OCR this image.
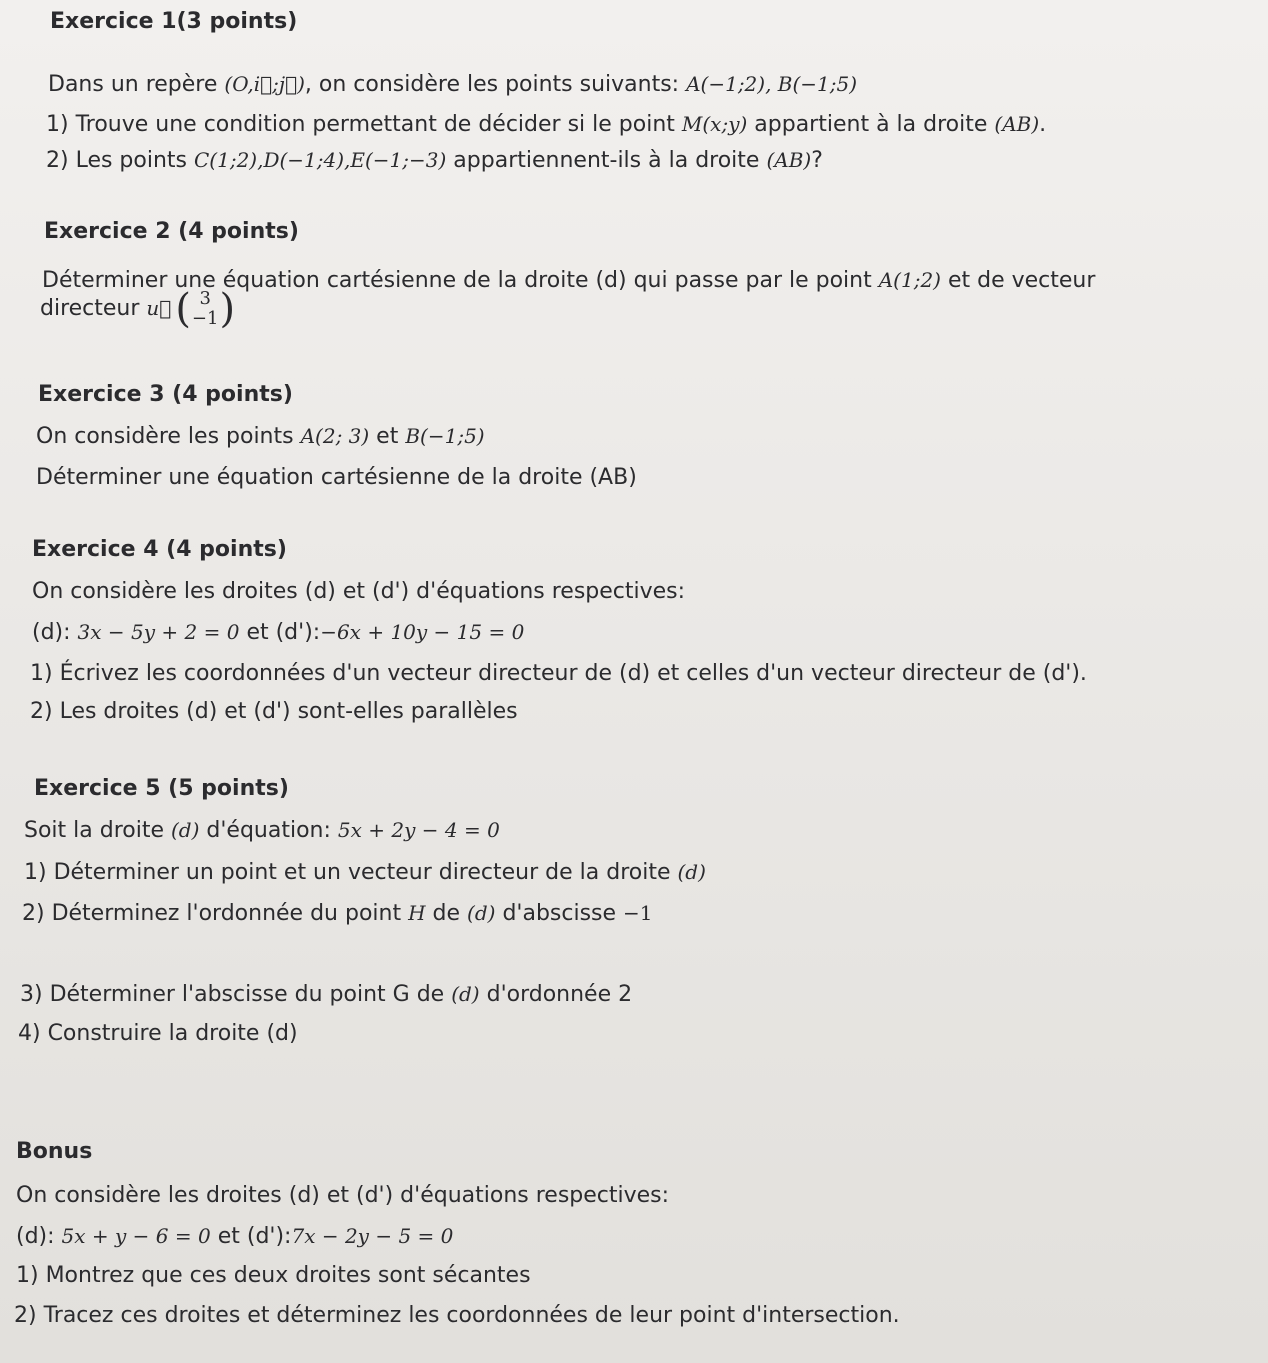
Exercice 1(3 points)
Dans un repère (O,i⃗;j⃗), on considère les points suivants: A(−1;2), B(−1;5)
1) Trouve une condition permettant de décider si le point M(x;y) appartient à la droite (AB).
2) Les points C(1;2),D(−1;4),E(−1;−3) appartiennent-ils à la droite (AB)?
Exercice 2 (4 points)
Déterminer une équation cartésienne de la droite (d) qui passe par le point A(1;2) et de vecteur
directeur u⃗ ( 3
−1 )
Exercice 3 (4 points)
On considère les points A(2; 3) et B(−1;5)
Déterminer une équation cartésienne de la droite (AB)
Exercice 4 (4 points)
On considère les droites (d) et (d') d'équations respectives:
(d): 3x − 5y + 2 = 0 et (d'):−6x + 10y − 15 = 0
1) Écrivez les coordonnées d'un vecteur directeur de (d) et celles d'un vecteur directeur de (d').
2) Les droites (d) et (d') sont-elles parallèles
Exercice 5 (5 points)
Soit la droite (d) d'équation: 5x + 2y − 4 = 0
1) Déterminer un point et un vecteur directeur de la droite (d)
2) Déterminez l'ordonnée du point H de (d) d'abscisse −1
3) Déterminer l'abscisse du point G de (d) d'ordonnée 2
4) Construire la droite (d)
Bonus
On considère les droites (d) et (d') d'équations respectives:
(d): 5x + y − 6 = 0 et (d'):7x − 2y − 5 = 0
1) Montrez que ces deux droites sont sécantes
2) Tracez ces droites et déterminez les coordonnées de leur point d'intersection.
